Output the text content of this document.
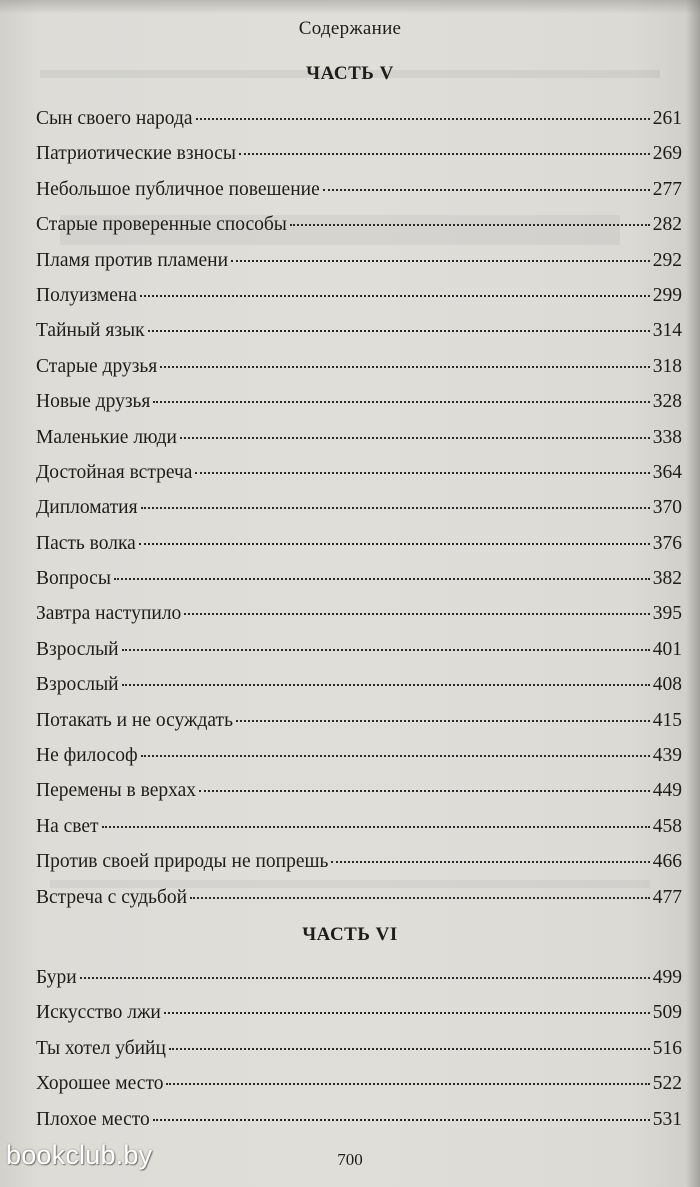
Содержание
ЧАСТЬ V
Сын своего народа	261
Патриотические взносы	269
Небольшое публичное повешение	277
Старые проверенные способы	282
Пламя против пламени	292
Полуизмена	299
Тайный язык	314
Старые друзья	318
Новые друзья	328
Маленькие люди	338
Достойная встреча	364
Дипломатия	370
Пасть волка	376
Вопросы	382
Завтра наступило	395
Взрослый	401
Взрослый	408
Потакать и не осуждать	415
Не философ	439
Перемены в верхах	449
На свет	458
Против своей природы не попрешь	466
Встреча с судьбой	477
ЧАСТЬ VI
Бури	499
Искусство лжи	509
Ты хотел убийц	516
Хорошее место	522
Плохое место	531
700
bookclub.by
